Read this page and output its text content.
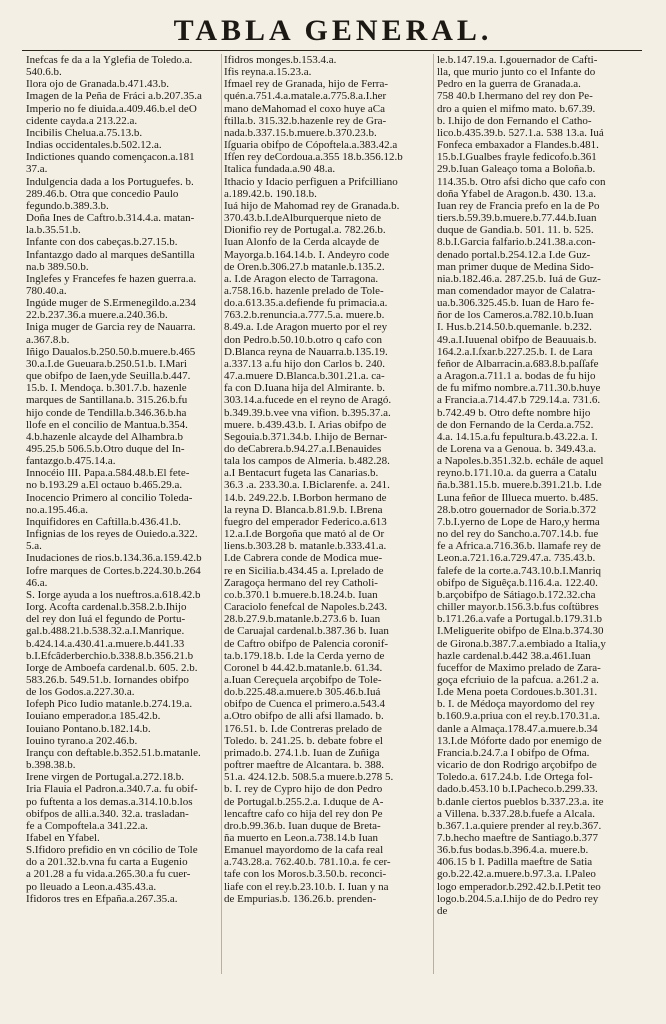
TABLA GENERAL.
Inefcas fe da a la Yglefia de Toledo.a.
540.6.b.
Ilora ojo de Granada.b.471.43.b.
Imagen de la Peña de Fráci a.b.207.35.a
Imperio no fe diuida.a.409.46.b.el deO
cidente cayda.a 213.22.a.
Incibilis Chelua.a.75.13.b.
Indias occidentales.b.502.12.a.
Indictiones quando començacon.a.181
37.a.
Indulgencia dada a los Portuguefes. b.
289.46.b. Otra que concedio Paulo
fegundo.b.389.3.b.
Doña Ines de Caftro.b.314.4.a. matan-
la.b.35.51.b.
Infante con dos cabeças.b.27.15.b.
Infantazgo dado al marques deSantilla
na.b 389.50.b.
Inglefes y Francefes fe hazen guerra.a.
780.40.a.
Ingúde muger de S.Ermenegildo.a.234
22.b.237.36.a muere.a.240.36.b.
Iniga muger de Garcia rey de Nauarra.
a.367.8.b.
Iñigo Daualos.b.250.50.b.muere.b.465
30.a.I.de Gueuara.b.250.51.b. I.Mari
que obifpo de Iaen,yde Seuilla.b.447.
15.b. I. Mendoça. b.301.7.b. hazenle
marques de Santillana.b. 315.26.b.fu
hijo conde de Tendilla.b.346.36.b.ha
llofe en el concilio de Mantua.b.354.
4.b.hazenle alcayde del Alhambra.b
495.25.b 506.5.b.Otro duque del In-
fantazgo.b.475.14.a.
Innocéio III. Papa.a.584.48.b.El fete-
no b.193.29 a.El octauo b.465.29.a.
Inocencio Primero al concilio Toleda-
no.a.195.46.a.
Inquifidores en Caftilla.b.436.41.b.
Infignias de los reyes de Ouiedo.a.322.
5.a.
Inudaciones de rios.b.134.36.a.159.42.b
Iofre marques de Cortes.b.224.30.b.264
46.a.
S. Iorge ayuda a los nueftros.a.618.42.b
Iorg. Acofta cardenal.b.358.2.b.Ihijo
del rey don Iuá el fegundo de Portu-
gal.b.488.21.b.538.32.a.I.Manrique.
b.424.14.a.430.41.a.muere.b.441.33
b.I.Efcâderberchio.b.338.8.b.356.21.b
Iorge de Amboefa cardenal.b. 605. 2.b.
583.26.b. 549.51.b. Iornandes obifpo
de los Godos.a.227.30.a.
Iofeph Pico Iudio matanle.b.274.19.a.
Iouiano emperador.a 185.42.b.
Iouiano Pontano.b.182.14.b.
Iouino tyrano.a 202.46.b.
Irançu con deftable.b.352.51.b.matanle.
b.398.38.b.
Irene virgen de Portugal.a.272.18.b.
Iria Flauia el Padron.a.340.7.a. fu obif-
po fuftenta a los demas.a.314.10.b.los
obifpos de alli.a.340. 32.a. trasladan-
fe a Compoftela.a 341.22.a.
Ifabel en Yfabel.
S.Ifidoro prefidio en vn cócilio de Tole
do a 201.32.b.vna fu carta a Eugenio
a 201.28 a fu vida.a.265.30.a fu cuer-
po lleuado a Leon.a.435.43.a.
Ifidoros tres en Efpaña.a.267.35.a.
Ifidros monges.b.153.4.a.
Ifis reyna.a.15.23.a.
Ifmael rey de Granada, hijo de Ferra-
quén.a.751.4.a.matale.a.775.8.a.I.her
mano deMahomad el coxo huye aCa
ftilla.b. 315.32.b.hazenle rey de Gra-
nada.b.337.15.b.muere.b.370.23.b.
Iſguaria obifpo de Cópoftela.a.383.42.a
Ifſen rey deCordoua.a.355 18.b.356.12.b
Italica fundada.a.90 48.a.
Ithacio y Idacio perfiguen a Prifcilliano
a.189.42.b. 190.18.b.
Iuá hijo de Mahomad rey de Granada.b.
370.43.b.I.deAlburquerque nieto de
Dionifio rey de Portugal.a. 782.26.b.
Iuan Alonfo de la Cerda alcayde de
Mayorga.b.164.14.b. I. Andeyro code
de Oren.b.306.27.b matanle.b.135.2.
a. I.de Aragon electo de Tarragona.
a.758.16.b. hazenle prelado de Tole-
do.a.613.35.a.defiende fu primacia.a.
763.2.b.renuncia.a.777.5.a. muere.b.
8.49.a. I.de Aragon muerto por el rey
don Pedro.b.50.10.b.otro q cafo con
D.Blanca reyna de Nauarra.b.135.19.
a.337.13 a.fu hijo don Carlos b. 240.
47.a.muere D.Blanca.b.301.21.a. ca-
fa con D.Iuana hija del Almirante. b.
303.14.a.fucede en el reyno de Aragó.
b.349.39.b.vee vna vifion. b.395.37.a.
muere. b.439.43.b. I. Arias obifpo de
Segouia.b.371.34.b. I.hijo de Bernar-
do deCabrera.b.94.27.a.I.Benauides
tala los campos de Almeria. b.482.28.
a.I Bentacurt fugeta las Canarias.b.
36.3 .a. 233.30.a. I.Biclarenfe. a. 241.
14.b. 249.22.b. I.Borbon hermano de
la reyna D. Blanca.b.81.9.b. I.Brena
fuegro del emperador Federico.a.613
12.a.I.de Borgoña que mató al de Or
liens.b.303.28 b. matanle.b.333.41.a.
I.de Cabrera conde de Modica mue-
re en Sicilia.b.434.45 a. I.prelado de
Zaragoça hermano del rey Catholi-
co.b.370.1 b.muere.b.18.24.b. Iuan
Caraciolo fenefcal de Napoles.b.243.
28.b.27.9.b.matanle.b.273.6 b. Iuan
de Caruajal cardenal.b.387.36 b. Iuan
de Caftro obifpo de Palencia coronif-
ta.b.179.18.b. I.de la Cerda yerno de
Coronel b 44.42.b.matanle.b. 61.34.
a.Iuan Cereçuela arçobifpo de Tole-
do.b.225.48.a.muere.b 305.46.b.Iuá
obifpo de Cuenca el primero.a.543.4
a.Otro obifpo de alli afsi llamado. b.
176.51. b. I.de Contreras prelado de
Toledo. b. 241.25. b. debate fobre el
primado.b. 274.1.b. Iuan de Zuñiga
poftrer maeftre de Alcantara. b. 388.
51.a. 424.12.b. 508.5.a muere.b.278 5.
b. I. rey de Cypro hijo de don Pedro
de Portugal.b.255.2.a. I.duque de A-
lencaftre cafo co hija del rey don Pe
dro.b.99.36.b. Iuan duque de Breta-
ña muerto en Leon.a.738.14.b Iuan
Emanuel mayordomo de la cafa real
a.743.28.a. 762.40.b. 781.10.a. fe cer-
tafe con los Moros.b.3.50.b. reconci-
liafe con el rey.b.23.10.b. I. Iuan y na
de Empurias.b. 136.26.b. prenden-
le.b.147.19.a. I.gouernador de Cafti-
lla, que murio junto co el Infante do
Pedro en la guerra de Granada.a.
758 40.b I.hermano del rey don Pe-
dro a quien el mifmo mato. b.67.39.
b. I.hijo de don Fernando el Catho-
lico.b.435.39.b. 527.1.a. 538 13.a. Iuá
Fonfeca embaxador a Flandes.b.481.
15.b.I.Gualbes frayle fedicofo.b.361
29.b.Iuan Galeaço toma a Boloña.b.
114.35.b. Otro afsi dicho que cafo con
doña Yfabel de Aragon.b. 430. 13.a.
Iuan rey de Francia prefo en la de Po
tiers.b.59.39.b.muere.b.77.44.b.Iuan
duque de Gandia.b. 501. 11. b. 525.
8.b.I.Garcia falfario.b.241.38.a.con-
denado portal.b.254.12.a I.de Guz-
man primer duque de Medina Sido-
nia.b.182.46.a. 287.25.b. Iuá de Guz-
man comendador mayor de Calatra-
ua.b.306.325.45.b. Iuan de Haro fe-
ñor de los Cameros.a.782.10.b.Iuan
I. Hus.b.214.50.b.quemanle. b.232.
49.a.I.Iuuenal obifpo de Beauuais.b.
164.2.a.I.ſxar.b.227.25.b. I. de Lara
feñor de Albarracin.a.683.8.b.paſſafe
a Aragon.a.711.1 a. bodas de fu hijo
de fu mifmo nombre.a.711.30.b.huye
a Francia.a.714.47.b 729.14.a. 731.6.
b.742.49 b. Otro defte nombre hijo
de don Fernando de la Cerda.a.752.
4.a. 14.15.a.fu fepultura.b.43.22.a. I.
de Lorena va a Genoua. b. 349.43.a.
a Napoles.b.351.32.b. echále de aquel
reyno.b.171.10.a. da guerra a Catalu
ña.b.381.15.b. muere.b.391.21.b. I.de
Luna feñor de Illueca muerto. b.485.
28.b.otro gouernador de Soria.b.372
7.b.I.yerno de Lope de Haro,y herma
no del rey do Sancho.a.707.14.b. fue
fe a Africa.a.716.36.b. llamafe rey de
Leon.a.721.16.a.729.47.a. 735.43.b.
falefe de la corte.a.743.10.b.I.Manriq
obifpo de Siguêça.b.116.4.a. 122.40.
b.arçobifpo de Sátiago.b.172.32.cha
chiller mayor.b.156.3.b.fus coſtübres
b.171.26.a.vafe a Portugal.b.179.31.b
I.Meliguerite obifpo de Elna.b.374.30
de Girona.b.387.7.a.embiado a Italia,y
hazle cardenal.b.442 38.a.461.Iuan
fuceffor de Maximo prelado de Zara-
goça efcriuio de la pafcua. a.261.2 a.
I.de Mena poeta Cordoues.b.301.31.
b. I. de Médoça mayordomo del rey
b.160.9.a.priua con el rey.b.170.31.a.
danle a Almaça.178.47.a.muere.b.34
13.I.de Móforte dado por enemigo de
Francia.b.24.7.a I obifpo de Ofma.
vicario de don Rodrigo arçobifpo de
Toledo.a. 617.24.b. I.de Ortega fol-
dado.b.453.10 b.I.Pacheco.b.299.33.
b.danle ciertos pueblos b.337.23.a. ite
a Villena. b.337.28.b.fuefe a Alcala.
b.367.1.a.quiere prender al rey.b.367.
7.b.hecho maeftre de Santiago.b.377
36.b.fus bodas.b.396.4.a. muere.b.
406.15 b I. Padilla maeftre de Satia
go.b.22.42.a.muere.b.97.3.a. I.Paleo
logo emperador.b.292.42.b.I.Petit teo
logo.b.204.5.a.I.hijo de do Pedro rey
de
